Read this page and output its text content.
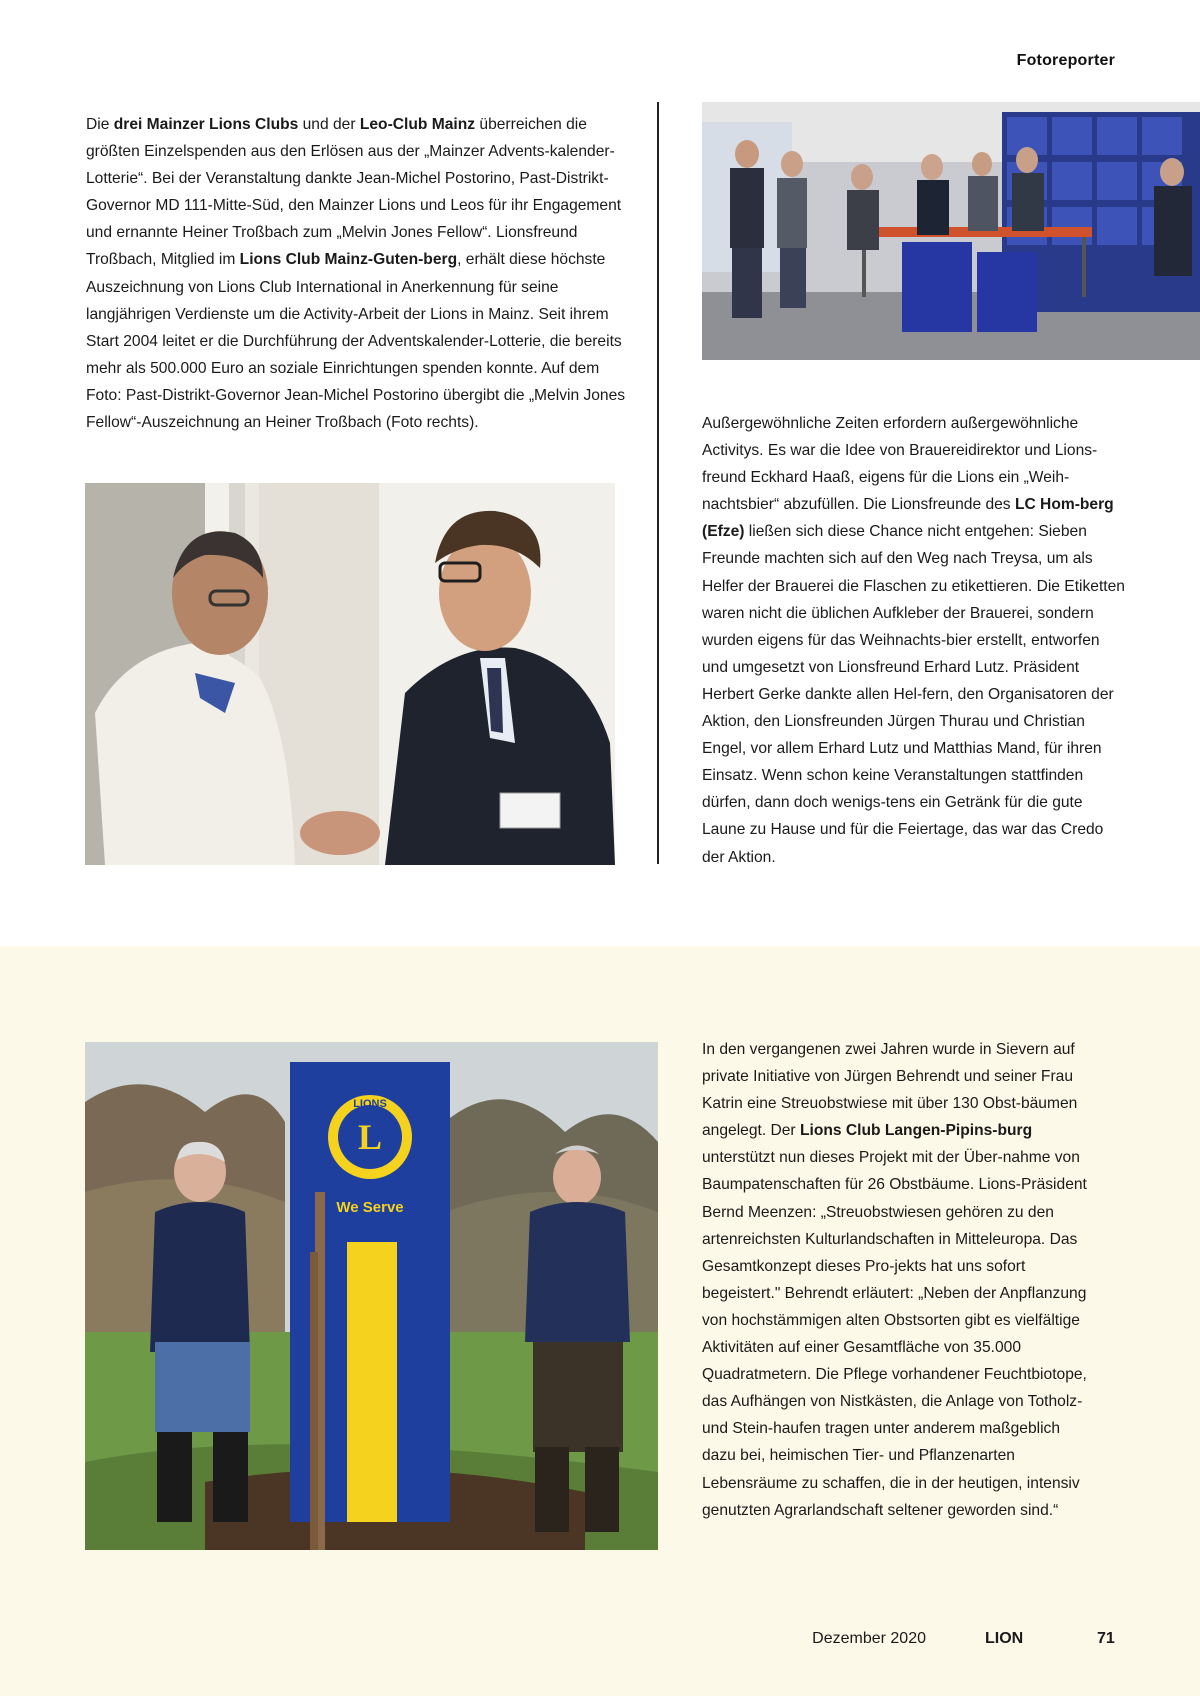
Fotoreporter

Die drei Mainzer Lions Clubs und der Leo-Club Mainz überreichen die größten Einzelspenden aus den Erlösen aus der „Mainzer Advents-kalender-Lotterie“. Bei der Veranstaltung dankte Jean-Michel Postorino, Past-Distrikt-Governor MD 111-Mitte-Süd, den Mainzer Lions und Leos für ihr Engagement und ernannte Heiner Troßbach zum „Melvin Jones Fellow“. Lionsfreund Troßbach, Mitglied im Lions Club Mainz-Guten-berg, erhält diese höchste Auszeichnung von Lions Club International in Anerkennung für seine langjährigen Verdienste um die Activity-Arbeit der Lions in Mainz. Seit ihrem Start 2004 leitet er die Durchführung der Adventskalender-Lotterie, die bereits mehr als 500.000 Euro an soziale Einrichtungen spenden konnte. Auf dem Foto: Past-Distrikt-Governor Jean-Michel Postorino übergibt die „Melvin Jones Fellow“-Auszeichnung an Heiner Troßbach (Foto rechts).	Außergewöhnliche Zeiten erfordern außergewöhnliche Activitys. Es war die Idee von Brauereidirektor und Lions-freund Eckhard Haaß, eigens für die Lions ein „Weih-nachtsbier“ abzufüllen. Die Lionsfreunde des LC Hom-berg (Efze) ließen sich diese Chance nicht entgehen: Sieben Freunde machten sich auf den Weg nach Treysa, um als Helfer der Brauerei die Flaschen zu etikettieren. Die Etiketten waren nicht die üblichen Aufkleber der Brauerei, sondern wurden eigens für das Weihnachts-bier erstellt, entworfen und umgesetzt von Lionsfreund Erhard Lutz. Präsident Herbert Gerke dankte allen Hel-fern, den Organisatoren der Aktion, den Lionsfreunden Jürgen Thurau und Christian Engel, vor allem Erhard Lutz und Matthias Mand, für ihren Einsatz. Wenn schon keine Veranstaltungen stattfinden dürfen, dann doch wenigs-tens ein Getränk für die gute Laune zu Hause und für die Feiertage, das war das Credo der Aktion.

LIONS
L
We Serve

In den vergangenen zwei Jahren wurde in Sievern auf private Initiative von Jürgen Behrendt und seiner Frau Katrin eine Streuobstwiese mit über 130 Obst-bäumen angelegt. Der Lions Club Langen-Pipins-burg unterstützt nun dieses Projekt mit der Über-nahme von Baumpatenschaften für 26 Obstbäume. Lions-Präsident Bernd Meenzen: „Streuobstwiesen gehören zu den artenreichsten Kulturlandschaften in Mitteleuropa. Das Gesamtkonzept dieses Pro-jekts hat uns sofort begeistert." Behrendt erläutert: „Neben der Anpflanzung von hochstämmigen alten Obstsorten gibt es vielfältige Aktivitäten auf einer Gesamtfläche von 35.000 Quadratmetern. Die Pflege vorhandener Feuchtbiotope, das Aufhängen von Nistkästen, die Anlage von Totholz- und Stein-haufen tragen unter anderem maßgeblich dazu bei, heimischen Tier- und Pflanzenarten Lebensräume zu schaffen, die in der heutigen, intensiv genutzten Agrarlandschaft seltener geworden sind.“

Dezember 2020	LION	71
